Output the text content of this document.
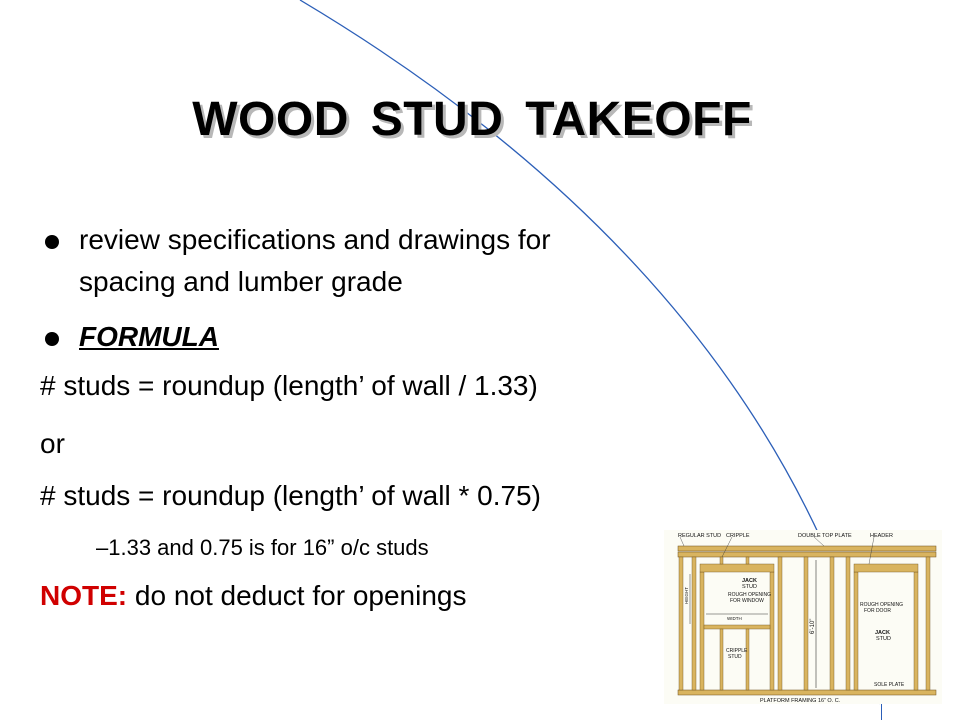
WOOD STUD TAKEOFF
review specifications and drawings for
spacing and lumber grade
FORMULA
# studs = roundup (length’ of wall / 1.33)
or
# studs = roundup (length’ of wall * 0.75)
–1.33 and 0.75 is for 16” o/c studs
NOTE: do not deduct for openings
REGULAR STUD CRIPPLE	DOUBLE TOP PLATE	HEADER
JACK
STUD
ROUGH OPENING
FOR WINDOW
WIDTH
HEIGHT
CRIPPLE
STUD
6’-10”
ROUGH OPENING
FOR DOOR
JACK
STUD
SOLE PLATE
PLATFORM FRAMING 16” O. C.
